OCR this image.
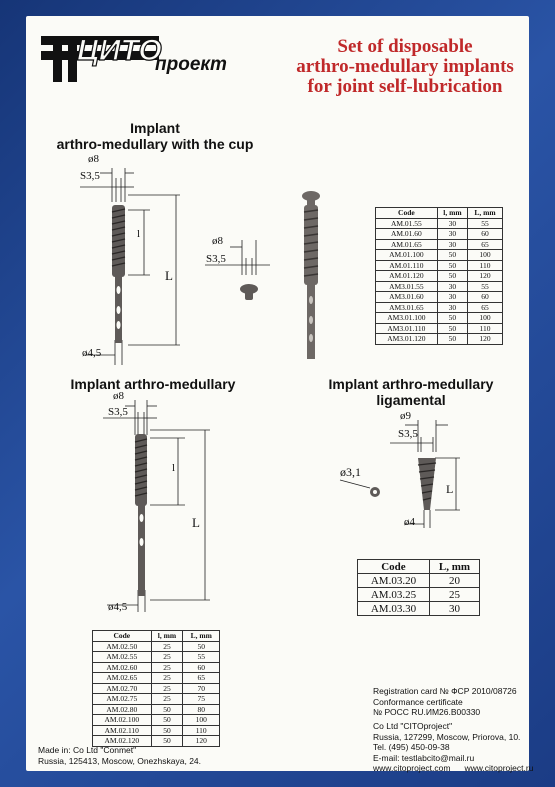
ЦИТО
проект
Set of disposable
arthro-medullary implants
for joint self-lubrication
Implant
arthro-medullary with the cup
ø8
S3,5
l
L
ø4,5
ø8
S3,5
Code	l, mm	L, mm
AM.01.55	30	55
AM.01.60	30	60
AM.01.65	30	65
AM.01.100	50	100
AM.01.110	50	110
AM.01.120	50	120
AM3.01.55	30	55
AM3.01.60	30	60
AM3.01.65	30	65
AM3.01.100	50	100
AM3.01.110	50	110
AM3.01.120	50	120
Implant arthro-medullary
ø8
S3,5
l
L
ø4,5
Code	l, mm	L, mm
AM.02.50	25	50
AM.02.55	25	55
AM.02.60	25	60
AM.02.65	25	65
AM.02.70	25	70
AM.02.75	25	75
AM.02.80	50	80
AM.02.100	50	100
AM.02.110	50	110
AM.02.120	50	120
Implant arthro-medullary
ligamental
ø9
S3,5
ø3,1
L
ø4
Code	L, mm
AM.03.20	20
AM.03.25	25
AM.03.30	30
Made in: Co Ltd "Conmet"
Russia, 125413, Moscow, Onezhskaya, 24.
Registration card № ФСР 2010/08726
Conformance certificate
№ РОСС RU.ИМ26.B00330
Co Ltd "CITOproject"
Russia, 127299, Moscow, Priorova, 10.
Tel. (495) 450-09-38
E-mail: testlabcito@mail.ru
www.citoproject.com www.citoproject.ru
